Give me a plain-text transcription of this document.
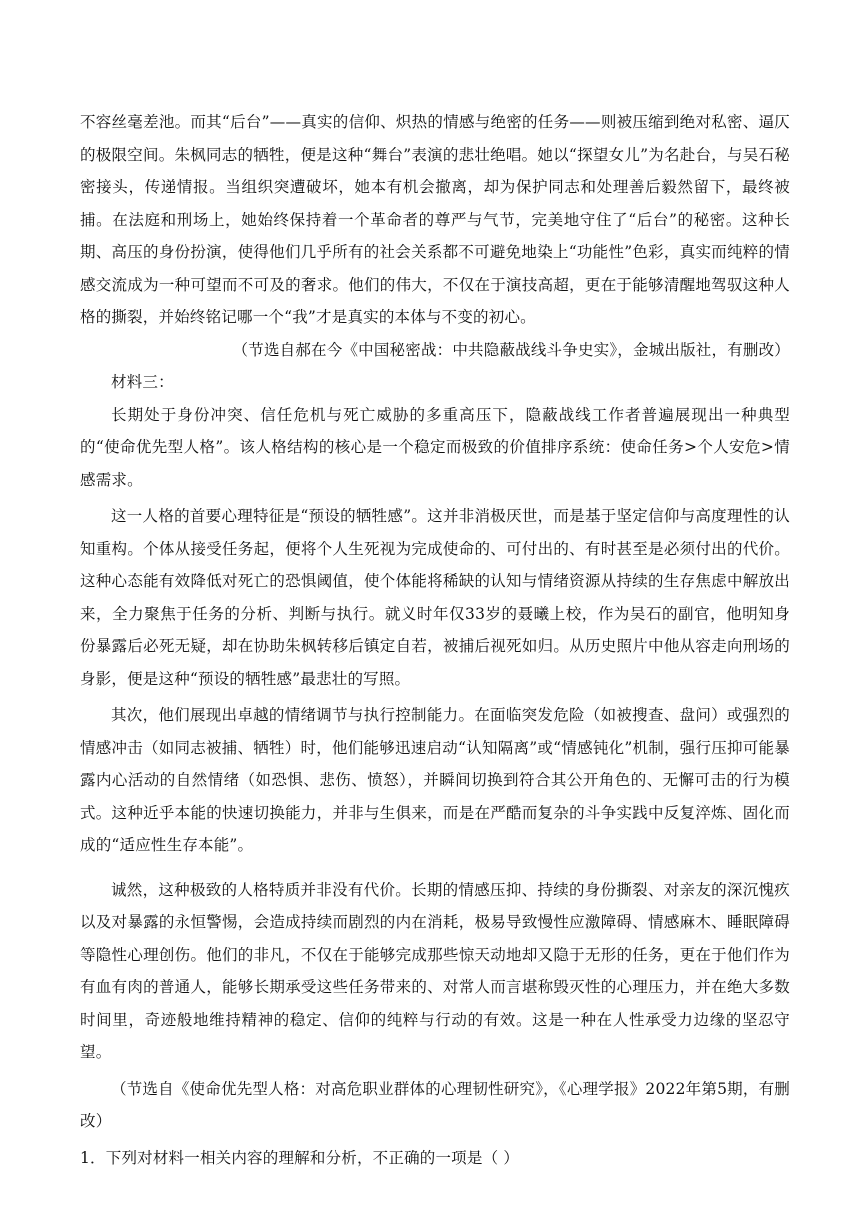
不容丝毫差池。而其“后台”——真实的信仰、炽热的情感与绝密的任务——则被压缩到绝对私密、逼仄的极限空间。朱枫同志的牺牲，便是这种“舞台”表演的悲壮绝唱。她以“探望女儿”为名赴台，与吴石秘密接头，传递情报。当组织突遭破坏，她本有机会撤离，却为保护同志和处理善后毅然留下，最终被捕。在法庭和刑场上，她始终保持着一个革命者的尊严与气节，完美地守住了“后台”的秘密。这种长期、高压的身份扮演，使得他们几乎所有的社会关系都不可避免地染上“功能性”色彩，真实而纯粹的情感交流成为一种可望而不可及的奢求。他们的伟大，不仅在于演技高超，更在于能够清醒地驾驭这种人格的撕裂，并始终铭记哪一个“我”才是真实的本体与不变的初心。

（节选自郝在今《中国秘密战：中共隐蔽战线斗争史实》，金城出版社，有删改）

材料三：

长期处于身份冲突、信任危机与死亡威胁的多重高压下，隐蔽战线工作者普遍展现出一种典型的“使命优先型人格”。该人格结构的核心是一个稳定而极致的价值排序系统：使命任务>个人安危>情感需求。

这一人格的首要心理特征是“预设的牺牲感”。这并非消极厌世，而是基于坚定信仰与高度理性的认知重构。个体从接受任务起，便将个人生死视为完成使命的、可付出的、有时甚至是必须付出的代价。这种心态能有效降低对死亡的恐惧阈值，使个体能将稀缺的认知与情绪资源从持续的生存焦虑中解放出来，全力聚焦于任务的分析、判断与执行。就义时年仅33岁的聂曦上校，作为吴石的副官，他明知身份暴露后必死无疑，却在协助朱枫转移后镇定自若，被捕后视死如归。从历史照片中他从容走向刑场的身影，便是这种“预设的牺牲感”最悲壮的写照。

其次，他们展现出卓越的情绪调节与执行控制能力。在面临突发危险（如被搜查、盘问）或强烈的情感冲击（如同志被捕、牺牲）时，他们能够迅速启动“认知隔离”或“情感钝化”机制，强行压抑可能暴露内心活动的自然情绪（如恐惧、悲伤、愤怒），并瞬间切换到符合其公开角色的、无懈可击的行为模式。这种近乎本能的快速切换能力，并非与生俱来，而是在严酷而复杂的斗争实践中反复淬炼、固化而成的“适应性生存本能”。

诚然，这种极致的人格特质并非没有代价。长期的情感压抑、持续的身份撕裂、对亲友的深沉愧疚以及对暴露的永恒警惕，会造成持续而剧烈的内在消耗，极易导致慢性应激障碍、情感麻木、睡眠障碍等隐性心理创伤。他们的非凡，不仅在于能够完成那些惊天动地却又隐于无形的任务，更在于他们作为有血有肉的普通人，能够长期承受这些任务带来的、对常人而言堪称毁灭性的心理压力，并在绝大多数时间里，奇迹般地维持精神的稳定、信仰的纯粹与行动的有效。这是一种在人性承受力边缘的坚忍守望。

（节选自《使命优先型人格：对高危职业群体的心理韧性研究》，《心理学报》2022年第5期，有删改）

1．下列对材料一相关内容的理解和分析，不正确的一项是（ ）
